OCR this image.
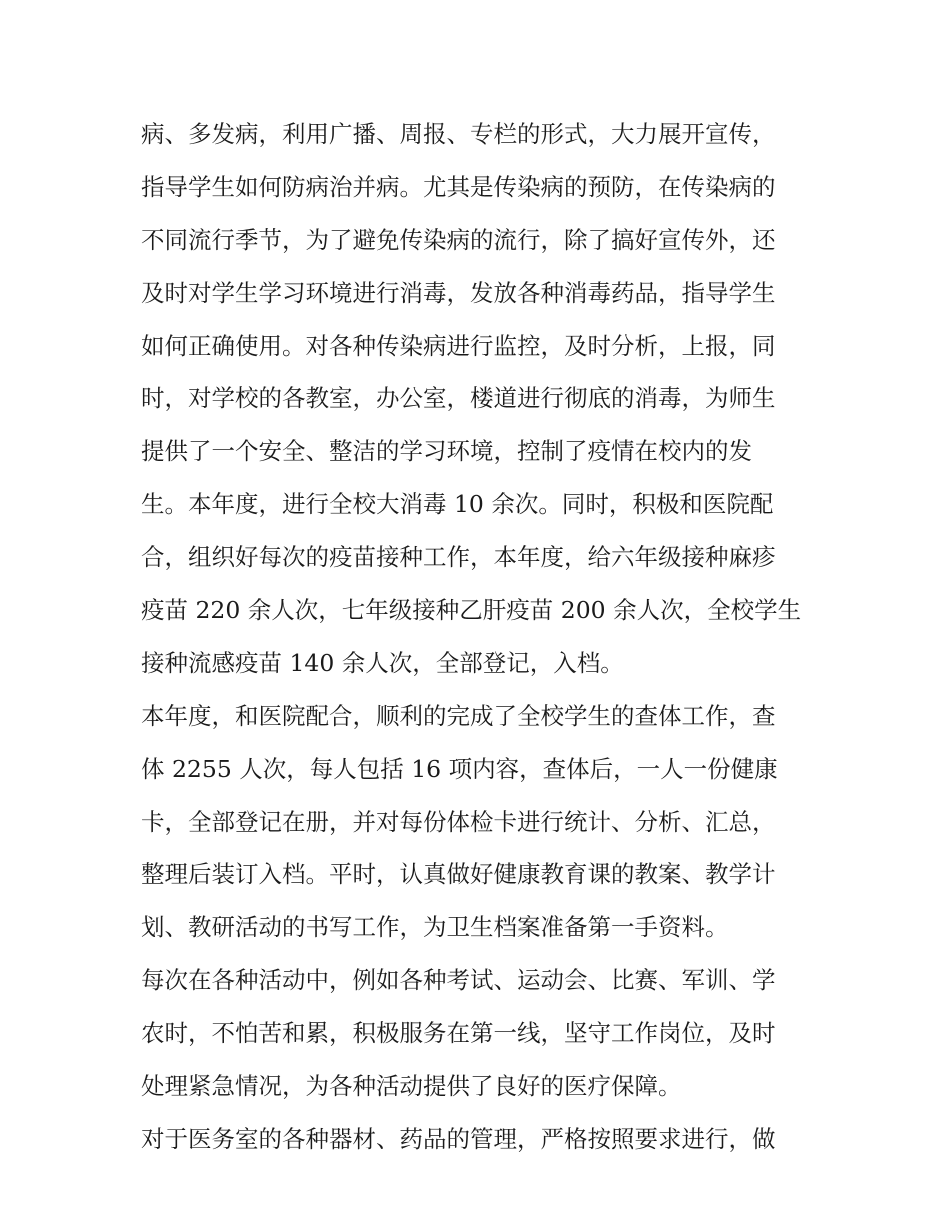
病、多发病，利用广播、周报、专栏的形式，大力展开宣传，
指导学生如何防病治并病。尤其是传染病的预防，在传染病的
不同流行季节，为了避免传染病的流行，除了搞好宣传外，还
及时对学生学习环境进行消毒，发放各种消毒药品，指导学生
如何正确使用。对各种传染病进行监控，及时分析，上报，同
时，对学校的各教室，办公室，楼道进行彻底的消毒，为师生
提供了一个安全、整洁的学习环境，控制了疫情在校内的发
生。本年度，进行全校大消毒 10 余次。同时，积极和医院配
合，组织好每次的疫苗接种工作，本年度，给六年级接种麻疹
疫苗 220 余人次，七年级接种乙肝疫苗 200 余人次，全校学生
接种流感疫苗 140 余人次，全部登记，入档。
本年度，和医院配合，顺利的完成了全校学生的查体工作，查
体 2255 人次，每人包括 16 项内容，查体后，一人一份健康
卡，全部登记在册，并对每份体检卡进行统计、分析、汇总，
整理后装订入档。平时，认真做好健康教育课的教案、教学计
划、教研活动的书写工作，为卫生档案准备第一手资料。
每次在各种活动中，例如各种考试、运动会、比赛、军训、学
农时，不怕苦和累，积极服务在第一线，坚守工作岗位，及时
处理紧急情况，为各种活动提供了良好的医疗保障。
对于医务室的各种器材、药品的管理，严格按照要求进行，做
